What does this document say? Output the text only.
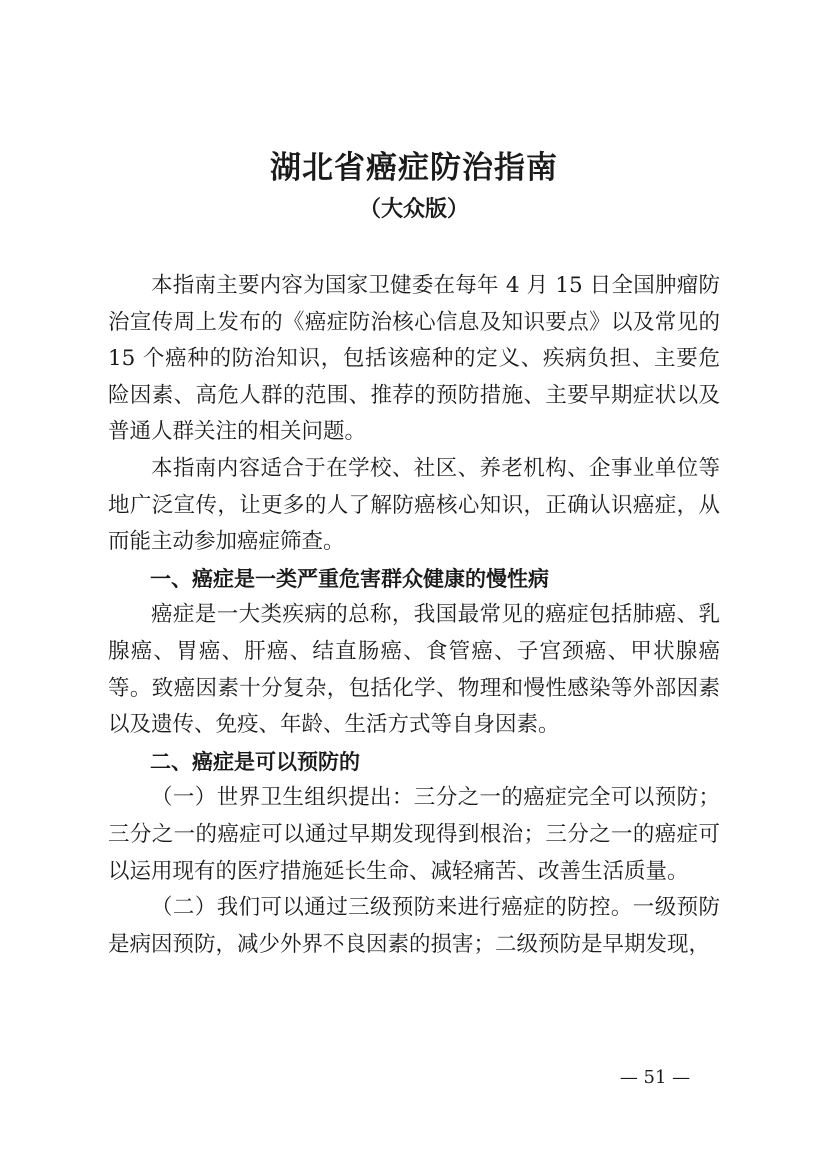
湖北省癌症防治指南
（大众版）

本指南主要内容为国家卫健委在每年 4 月 15 日全国肿瘤防治宣传周上发布的《癌症防治核心信息及知识要点》以及常见的15 个癌种的防治知识，包括该癌种的定义、疾病负担、主要危险因素、高危人群的范围、推荐的预防措施、主要早期症状以及普通人群关注的相关问题。

本指南内容适合于在学校、社区、养老机构、企事业单位等地广泛宣传，让更多的人了解防癌核心知识，正确认识癌症，从而能主动参加癌症筛查。

一、癌症是一类严重危害群众健康的慢性病

癌症是一大类疾病的总称，我国最常见的癌症包括肺癌、乳腺癌、胃癌、肝癌、结直肠癌、食管癌、子宫颈癌、甲状腺癌等。致癌因素十分复杂，包括化学、物理和慢性感染等外部因素以及遗传、免疫、年龄、生活方式等自身因素。

二、癌症是可以预防的

（一）世界卫生组织提出：三分之一的癌症完全可以预防；三分之一的癌症可以通过早期发现得到根治；三分之一的癌症可以运用现有的医疗措施延长生命、减轻痛苦、改善生活质量。

（二）我们可以通过三级预防来进行癌症的防控。一级预防是病因预防，减少外界不良因素的损害；二级预防是早期发现，

— 51 —
